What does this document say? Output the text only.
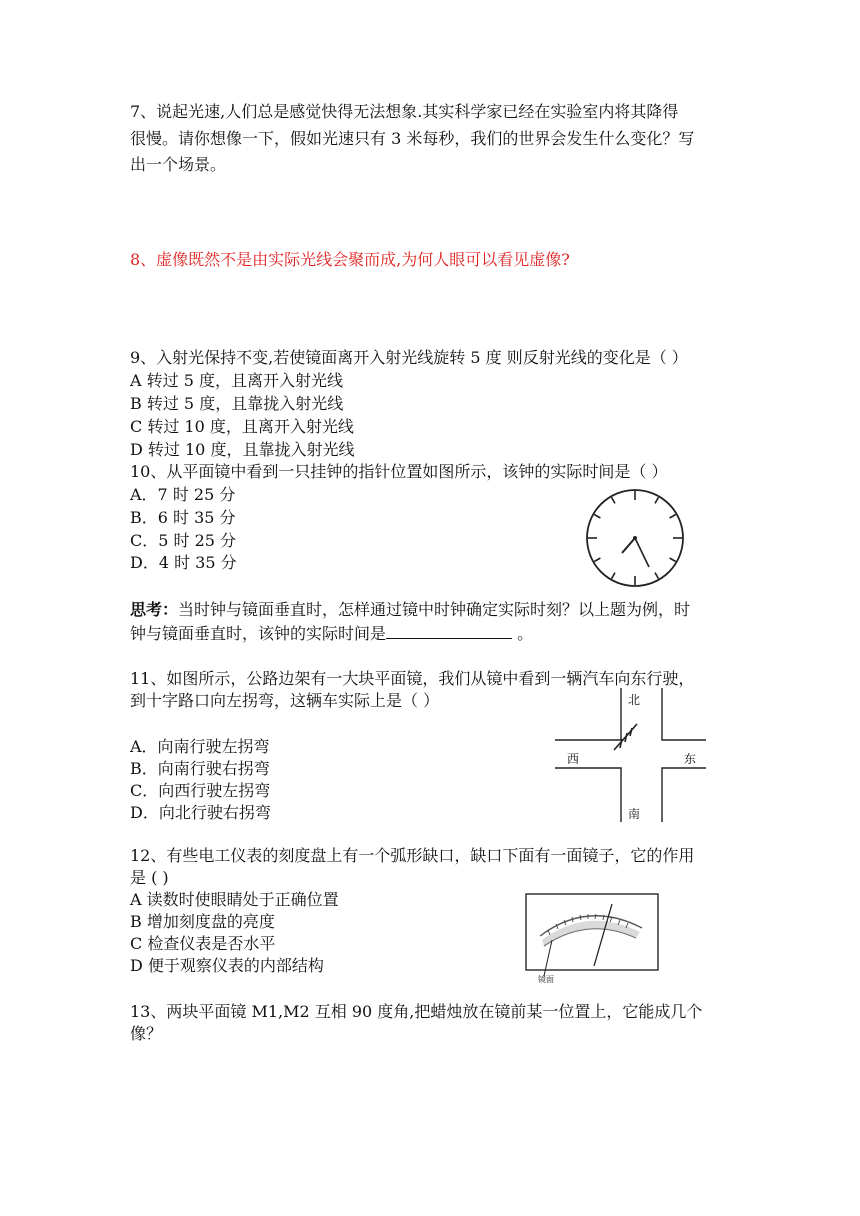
7、说起光速,人们总是感觉快得无法想象.其实科学家已经在实验室内将其降得
很慢。请你想像一下，假如光速只有 3 米每秒，我们的世界会发生什么变化？写
出一个场景。
8、虚像既然不是由实际光线会聚而成,为何人眼可以看见虚像?
9、入射光保持不变,若使镜面离开入射光线旋转 5 度 则反射光线的变化是（ ）
A 转过 5 度，且离开入射光线
B 转过 5 度，且靠拢入射光线
C 转过 10 度，且离开入射光线
D 转过 10 度，且靠拢入射光线
10、从平面镜中看到一只挂钟的指针位置如图所示，该钟的实际时间是（ ）
A．7 时 25 分
B．6 时 35 分
C．5 时 25 分
D．4 时 35 分
思考：当时钟与镜面垂直时，怎样通过镜中时钟确定实际时刻？以上题为例，时
钟与镜面垂直时，该钟的实际时间是	。
11、如图所示，公路边架有一大块平面镜，我们从镜中看到一辆汽车向东行驶，
到十字路口向左拐弯，这辆车实际上是（ ）
A．向南行驶左拐弯
B．向南行驶右拐弯
C．向西行驶左拐弯
D．向北行驶右拐弯
北
南
西	东
12、有些电工仪表的刻度盘上有一个弧形缺口，缺口下面有一面镜子，它的作用
是 ( )
A 读数时使眼睛处于正确位置
B 增加刻度盘的亮度
C 检查仪表是否水平
D 便于观察仪表的内部结构
镜面
13、两块平面镜 M1,M2 互相 90 度角,把蜡烛放在镜前某一位置上，它能成几个
像？
